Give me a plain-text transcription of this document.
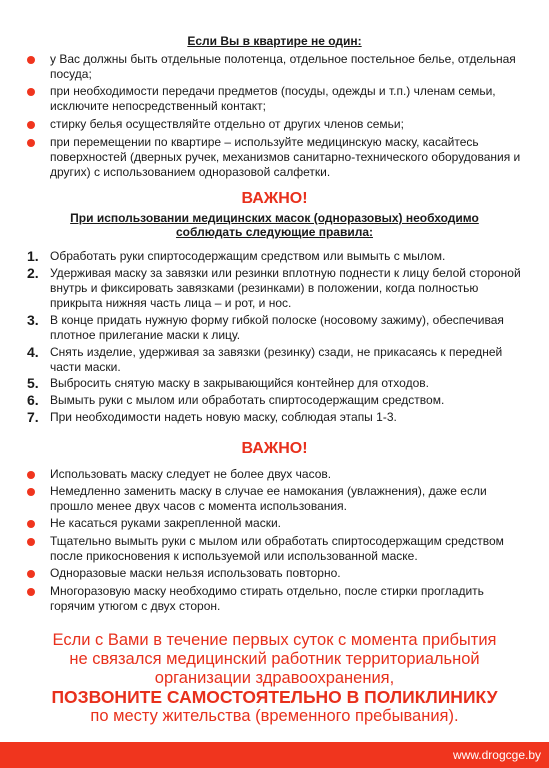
Если Вы в квартире не один:
у Вас должны быть отдельные полотенца, отдельное постельное белье, отдельная посуда;
при необходимости передачи предметов (посуды, одежды и т.п.) членам семьи, исключите непосредственный контакт;
стирку белья осуществляйте отдельно от других членов семьи;
при перемещении по квартире – используйте медицинскую маску, касайтесь поверхностей (дверных ручек, механизмов санитарно-технического оборудования и других) с использованием одноразовой салфетки.
ВАЖНО!
При использовании медицинских масок (одноразовых) необходимо
соблюдать следующие правила:
1. Обработать руки спиртосодержащим средством или вымыть с мылом.
2. Удерживая маску за завязки или резинки вплотную поднести к лицу белой стороной внутрь и фиксировать завязками (резинками) в положении, когда полностью прикрыта нижняя часть лица – и рот, и нос.
3. В конце придать нужную форму гибкой полоске (носовому зажиму), обеспечивая плотное прилегание маски к лицу.
4. Снять изделие, удерживая за завязки (резинку) сзади, не прикасаясь к передней части маски.
5. Выбросить снятую маску в закрывающийся контейнер для отходов.
6. Вымыть руки с мылом или обработать спиртосодержащим средством.
7. При необходимости надеть новую маску, соблюдая этапы 1-3.
ВАЖНО!
Использовать маску следует не более двух часов.
Немедленно заменить маску в случае ее намокания (увлажнения), даже если прошло менее двух часов с момента использования.
Не касаться руками закрепленной маски.
Тщательно вымыть руки с мылом или обработать спиртосодержащим средством после прикосновения к используемой или использованной маске.
Одноразовые маски нельзя использовать повторно.
Многоразовую маску необходимо стирать отдельно, после стирки прогладить горячим утюгом с двух сторон.
Если с Вами в течение первых суток с момента прибытия
не связался медицинский работник территориальной
организации здравоохранения,
ПОЗВОНИТЕ САМОСТОЯТЕЛЬНО В ПОЛИКЛИНИКУ
по месту жительства (временного пребывания).
www.drogcge.by
